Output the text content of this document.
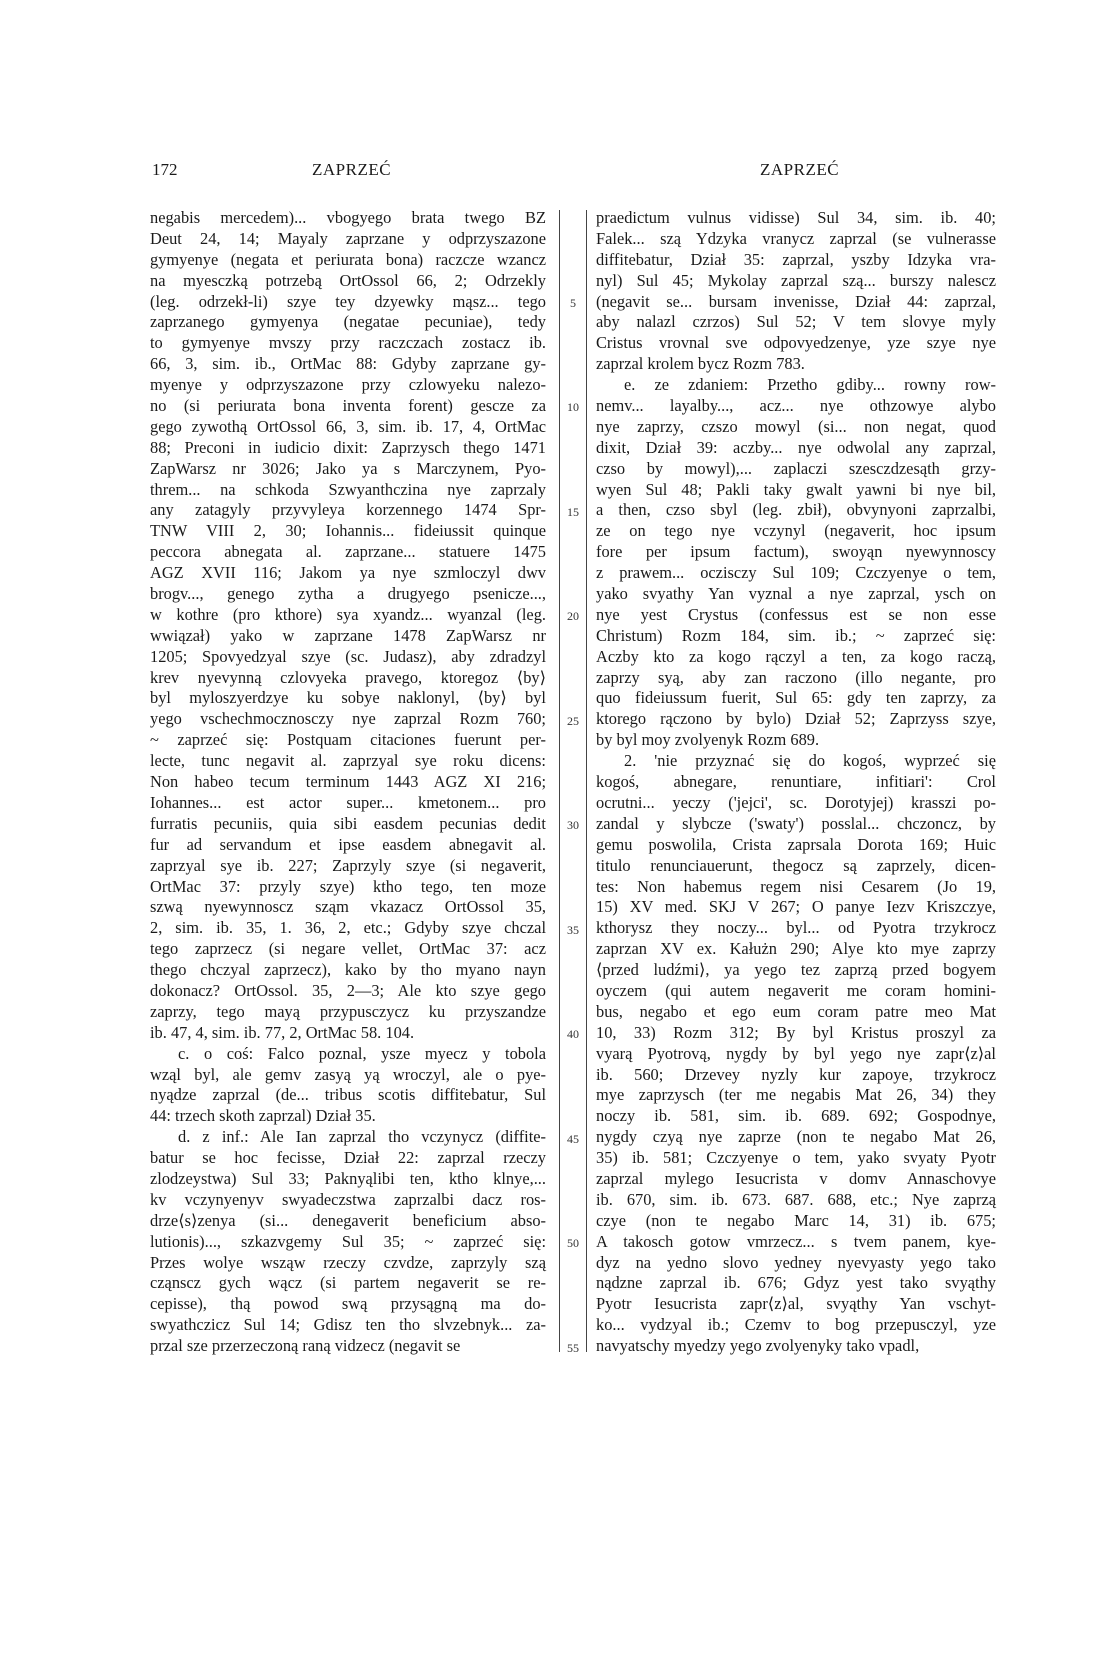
172	ZAPRZEĆ	ZAPRZEĆ
negabis mercedem)... vbogyego brata twego BZ
Deut 24, 14; Mayaly zaprzane y odprzyszazone
gymyenye (negata et periurata bona) raczcze wzancz
na myesczką potrzebą OrtOssol 66, 2; Odrzekly
(leg. odrzekł-li) szye tey dzyewky mąsz... tego
zaprzanego gymyenya (negatae pecuniae), tedy
to gymyenye mvszy przy raczczach zostacz ib.
66, 3, sim. ib., OrtMac 88: Gdyby zaprzane gy-
myenye y odprzyszazone przy czlowyeku nalezo-
no (si periurata bona inventa forent) gescze za
gego zywothą OrtOssol 66, 3, sim. ib. 17, 4, OrtMac
88; Preconi in iudicio dixit: Zaprzysch thego 1471
ZapWarsz nr 3026; Jako ya s Marczynem, Pyo-
threm... na schkoda Szwyanthczina nye zaprzaly
any zatagyly przyvyleya korzennego 1474 Spr-
TNW VIII 2, 30; Iohannis... fideiussit quinque
peccora abnegata al. zaprzane... statuere 1475
AGZ XVII 116; Jakom ya nye szmloczyl dwv
brogv..., genego zytha a drugyego psenicze...,
w kothre (pro kthore) sya xyandz... wyanzal (leg.
wwiązał) yako w zaprzane 1478 ZapWarsz nr
1205; Spovyedzyal szye (sc. Judasz), aby zdradzyl
krev nyevynną czlovyeka pravego, ktoregoz ⟨by⟩
byl myloszyerdzye ku sobye naklonyl, ⟨by⟩ byl
yego vschechmocznosczy nye zaprzal Rozm 760;
~ zaprzeć się: Postquam citaciones fuerunt per-
lecte, tunc negavit al. zaprzyal sye roku dicens:
Non habeo tecum terminum 1443 AGZ XI 216;
Iohannes... est actor super... kmetonem... pro
furratis pecuniis, quia sibi easdem pecunias dedit
fur ad servandum et ipse easdem abnegavit al.
zaprzyal sye ib. 227; Zaprzyly szye (si negaverit,
OrtMac 37: przyly szye) ktho tego, ten moze
szwą nyewynnoscz sząm vkazacz OrtOssol 35,
2, sim. ib. 35, 1. 36, 2, etc.; Gdyby szye chczal
tego zaprzecz (si negare vellet, OrtMac 37: acz
thego chczyal zaprzecz), kako by tho myano nayn
dokonacz? OrtOssol. 35, 2—3; Ale kto szye gego
zaprzy, tego mayą przypusczycz ku przyszandze
ib. 47, 4, sim. ib. 77, 2, OrtMac 58. 104.
c. o coś: Falco poznal, ysze myecz y tobola
wząl byl, ale gemv zasyą yą wroczyl, ale o pye-
nyądze zaprzal (de... tribus scotis diffitebatur, Sul
44: trzech skoth zaprzal) Dział 35.
d. z inf.: Ale Ian zaprzal tho vczynycz (diffite-
batur se hoc fecisse, Dział 22: zaprzal rzeczy
zlodzeystwa) Sul 33; Paknyąlibi ten, ktho klnye,...
kv vczynyenyv swyadeczstwa zaprzalbi dacz ros-
drze⟨s⟩zenya (si... denegaverit beneficium abso-
lutionis)..., szkazvgemy Sul 35; ~ zaprzeć się:
Przes wolye wsząw rzeczy czvdze, zaprzyly szą
cząnscz gych wącz (si partem negaverit se re-
cepisse), thą powod swą przysągną ma do-
swyathczicz Sul 14; Gdisz ten tho slvzebnyk... za-
przal sze przerzeczoną raną vidzecz (negavit se
5
10
15
20
25
30
35
40
45
50
55
praedictum vulnus vidisse) Sul 34, sim. ib. 40;
Falek... szą Ydzyka vranycz zaprzal (se vulnerasse
diffitebatur, Dział 35: zaprzal, yszby Idzyka vra-
nyl) Sul 45; Mykolay zaprzal szą... burszy nalescz
(negavit se... bursam invenisse, Dział 44: zaprzal,
aby nalazl czrzos) Sul 52; V tem slovye myly
Cristus vrovnal sve odpovyedzenye, yze szye nye
zaprzal krolem bycz Rozm 783.
e. ze zdaniem: Przetho gdiby... rowny row-
nemv... layalby..., acz... nye othzowye alybo
nye zaprzy, czszo mowyl (si... non negat, quod
dixit, Dział 39: aczby... nye odwolal any zaprzal,
czso by mowyl),... zaplaczi szesczdzesąth grzy-
wyen Sul 48; Pakli taky gwalt yawni bi nye bil,
a then, czso sbyl (leg. zbił), obvynyoni zaprzalbi,
ze on tego nye vczynyl (negaverit, hoc ipsum
fore per ipsum factum), swoyąn nyewynnoscy
z prawem... oczisczy Sul 109; Czczyenye o tem,
yako svyathy Yan vyznal a nye zaprzal, ysch on
nye yest Crystus (confessus est se non esse
Christum) Rozm 184, sim. ib.; ~ zaprzeć się:
Aczby kto za kogo rączyl a ten, za kogo raczą,
zaprzy syą, aby zan raczono (illo negante, pro
quo fideiussum fuerit, Sul 65: gdy ten zaprzy, za
ktorego rączono by bylo) Dział 52; Zaprzyss szye,
by byl moy zvolyenyk Rozm 689.
2. 'nie przyznać się do kogoś, wyprzeć się
kogoś, abnegare, renuntiare, infitiari': Crol
ocrutni... yeczy ('jejci', sc. Dorotyjej) krasszi po-
zandal y slybcze ('swaty') posslal... chczoncz, by
gemu poswolila, Crista zaprsala Dorota 169; Huic
titulo renunciauerunt, thegocz są zaprzely, dicen-
tes: Non habemus regem nisi Cesarem (Jo 19,
15) XV med. SKJ V 267; O panye Iezv Kriszczye,
kthorysz they noczy... byl... od Pyotra trzykrocz
zaprzan XV ex. Kałużn 290; Alye kto mye zaprzy
⟨przed ludźmi⟩, ya yego tez zaprzą przed bogyem
oyczem (qui autem negaverit me coram homini-
bus, negabo et ego eum coram patre meo Mat
10, 33) Rozm 312; By byl Kristus proszyl za
vyarą Pyotrovą, nygdy by byl yego nye zapr⟨z⟩al
ib. 560; Drzevey nyzly kur zapoye, trzykrocz
mye zaprzysch (ter me negabis Mat 26, 34) they
noczy ib. 581, sim. ib. 689. 692; Gospodnye,
nygdy czyą nye zaprze (non te negabo Mat 26,
35) ib. 581; Czczyenye o tem, yako svyaty Pyotr
zaprzal mylego Iesucrista v domv Annaschovye
ib. 670, sim. ib. 673. 687. 688, etc.; Nye zaprzą
czye (non te negabo Marc 14, 31) ib. 675;
A takosch gotow vmrzecz... s tvem panem, kye-
dyz na yedno slovo yedney nyevyasty yego tako
nądzne zaprzal ib. 676; Gdyz yest tako svyąthy
Pyotr Iesucrista zapr⟨z⟩al, svyąthy Yan vschyt-
ko... vydzyal ib.; Czemv to bog przepusczyl, yze
navyatschy myedzy yego zvolyenyky tako vpadl,
